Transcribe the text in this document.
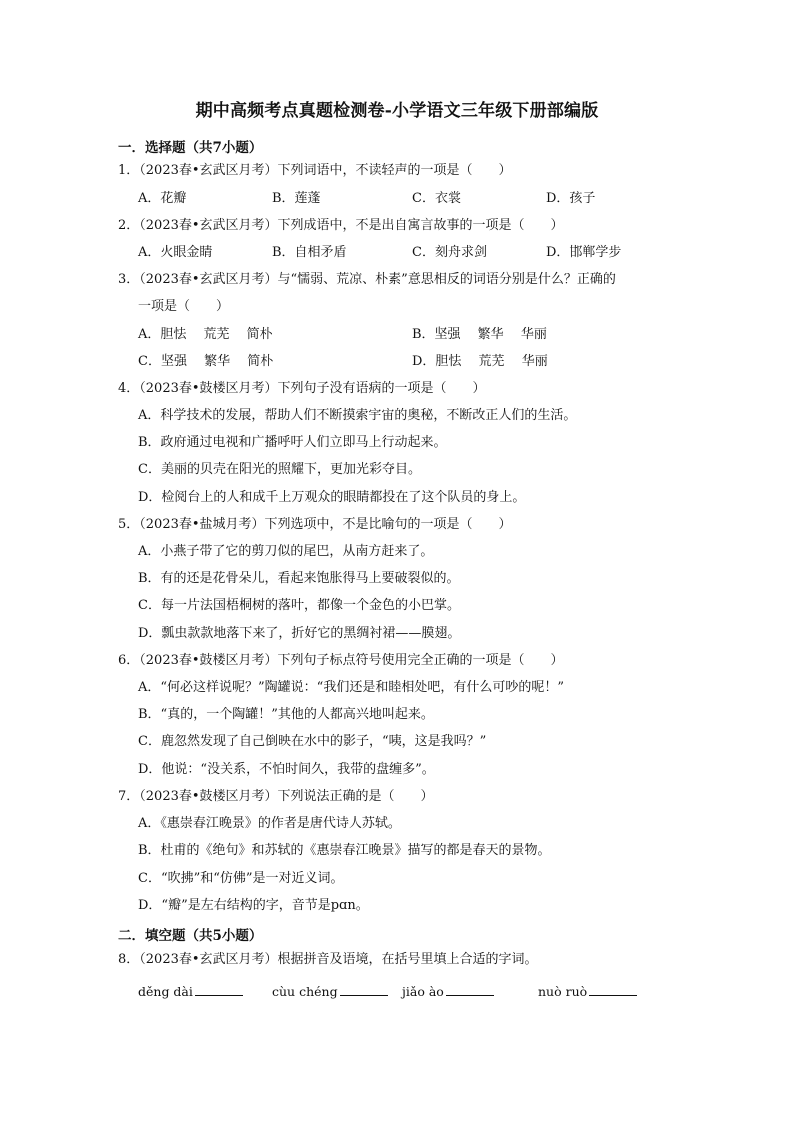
期中高频考点真题检测卷-小学语文三年级下册部编版
一．选择题（共7小题）
1．（2023春•玄武区月考）下列词语中，不读轻声的一项是（　　）
A．花瓣	B．莲蓬	C．衣裳	D．孩子
2．（2023春•玄武区月考）下列成语中，不是出自寓言故事的一项是（　　）
A．火眼金睛	B．自相矛盾	C．刻舟求剑	D．邯郸学步
3．（2023春•玄武区月考）与“懦弱、荒凉、朴素”意思相反的词语分别是什么？正确的
一项是（　　）
A．胆怯　 荒芜　 简朴	B．坚强　 繁华　 华丽
C．坚强　 繁华　 简朴	D．胆怯　 荒芜　 华丽
4．（2023春•鼓楼区月考）下列句子没有语病的一项是（　　）
A．科学技术的发展，帮助人们不断摸索宇宙的奥秘，不断改正人们的生活。
B．政府通过电视和广播呼吁人们立即马上行动起来。
C．美丽的贝壳在阳光的照耀下，更加光彩夺目。
D．检阅台上的人和成千上万观众的眼睛都投在了这个队员的身上。
5．（2023春•盐城月考）下列选项中，不是比喻句的一项是（　　）
A．小燕子带了它的剪刀似的尾巴，从南方赶来了。
B．有的还是花骨朵儿，看起来饱胀得马上要破裂似的。
C．每一片法国梧桐树的落叶，都像一个金色的小巴掌。
D．瓢虫款款地落下来了，折好它的黑绸衬裙——膜翅。
6．（2023春•鼓楼区月考）下列句子标点符号使用完全正确的一项是（　　）
A．“何必这样说呢？”陶罐说：“我们还是和睦相处吧，有什么可吵的呢！”
B．“真的，一个陶罐！”其他的人都高兴地叫起来。
C．鹿忽然发现了自己倒映在水中的影子，“咦，这是我吗？”
D．他说：“没关系，不怕时间久，我带的盘缠多”。
7．（2023春•鼓楼区月考）下列说法正确的是（　　）
A．《惠崇春江晚景》的作者是唐代诗人苏轼。
B．杜甫的《绝句》和苏轼的《惠崇春江晚景》描写的都是春天的景物。
C．“吹拂”和“仿佛”是一对近义词。
D．“瓣”是左右结构的字，音节是pɑn。
二．填空题（共5小题）
8．（2023春•玄武区月考）根据拼音及语境，在括号里填上合适的字词。
děng dài	cù​u chéng	jiǎo ào	nuò ruò
